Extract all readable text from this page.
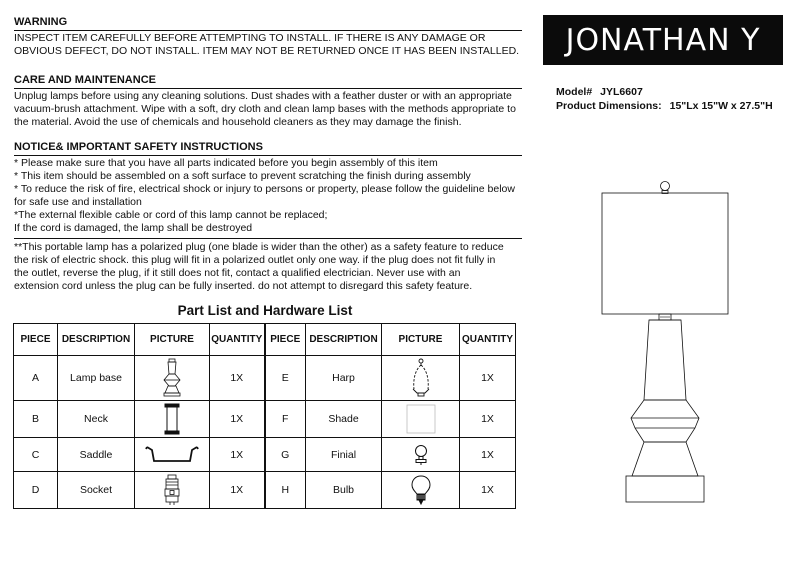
WARNING

INSPECT ITEM CAREFULLY BEFORE ATTEMPTING TO INSTALL. IF THERE IS ANY DAMAGE OR

OBVIOUS DEFECT, DO NOT INSTALL. ITEM MAY NOT BE RETURNED ONCE IT HAS BEEN INSTALLED.

CARE AND MAINTENANCE

Unplug lamps before using any cleaning solutions. Dust shades with a feather duster or with an appropriate

vacuum-brush attachment. Wipe with a soft, dry cloth and clean lamp bases with the methods appropriate to

the material. Avoid the use of chemicals and household cleaners as they may damage the finish.

NOTICE& IMPORTANT SAFETY INSTRUCTIONS

* Please make sure that you have all parts indicated before you begin assembly of this item

* This item should be assembled on a soft surface to prevent scratching the finish during assembly

* To reduce the risk of fire, electrical shock or injury to persons or property, please follow the guideline below

for safe use and installation

*The external flexible cable or cord of this lamp cannot be replaced;

If the cord is damaged, the lamp shall be destroyed

**This portable lamp has a polarized plug (one blade is wider than the other) as a safety feature to reduce

the risk of electric shock. this plug will fit in a polarized outlet only one way. if the plug does not fit fully in

the outlet, reverse the plug, if it still does not fit, contact a qualified electrician. Never use with an

extension cord unless the plug can be fully inserted. do not attempt to disregard this safety feature.

JONATHAN Y
Model# JYL6607
Product Dimensions: 15"Lx 15"W x 27.5"H
Part List and Hardware List
PIECE	DESCRIPTION	PICTURE	QUANTITY	PIECE	DESCRIPTION	PICTURE	QUANTITY
A	Lamp base		1X	E	Harp		1X
B	Neck		1X	F	Shade		1X
C	Saddle		1X	G	Finial		1X
D	Socket		1X	H	Bulb		1X
